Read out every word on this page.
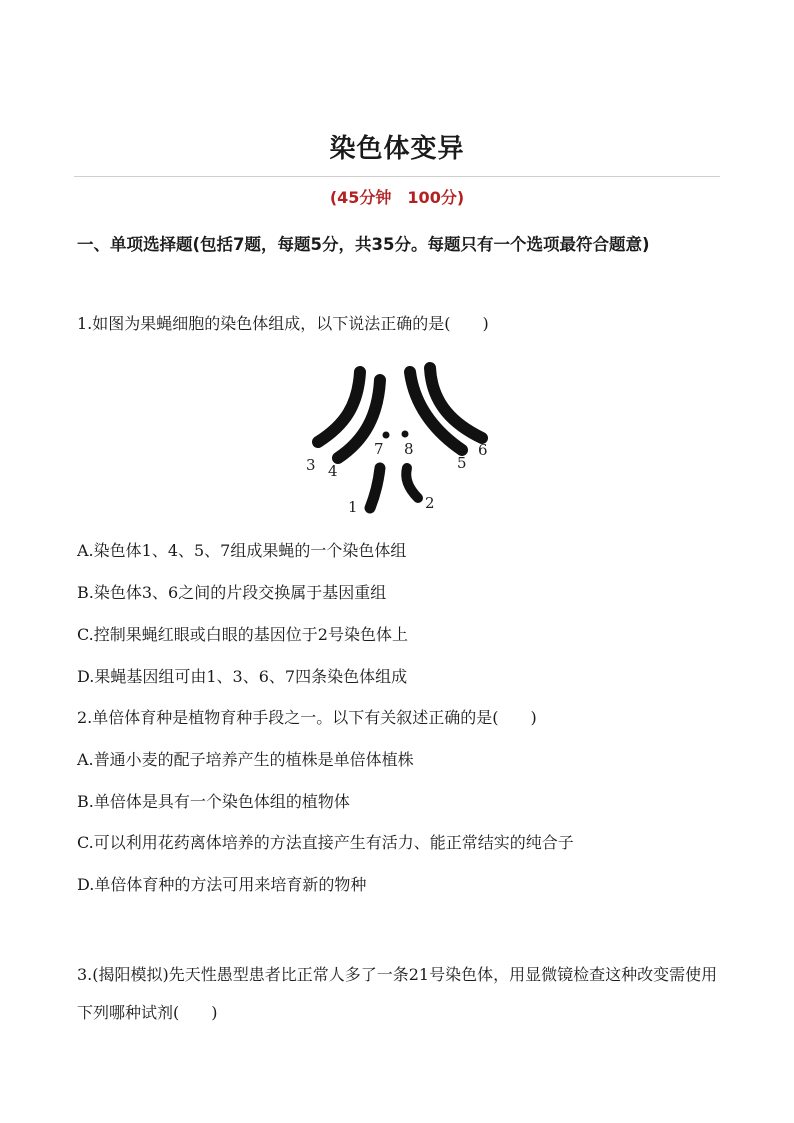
染色体变异
(45分钟　100分)
一、单项选择题(包括7题，每题5分，共35分。每题只有一个选项最符合题意)
1.如图为果蝇细胞的染色体组成，以下说法正确的是(　　)
1	2
3 4	5
6
7 8
A.染色体1、4、5、7组成果蝇的一个染色体组
B.染色体3、6之间的片段交换属于基因重组
C.控制果蝇红眼或白眼的基因位于2号染色体上
D.果蝇基因组可由1、3、6、7四条染色体组成
2.单倍体育种是植物育种手段之一。以下有关叙述正确的是(　　)
A.普通小麦的配子培养产生的植株是单倍体植株
B.单倍体是具有一个染色体组的植物体
C.可以利用花药离体培养的方法直接产生有活力、能正常结实的纯合子
D.单倍体育种的方法可用来培育新的物种
3.(揭阳模拟)先天性愚型患者比正常人多了一条21号染色体，用显微镜检查这种改变需使用下列哪种试剂(　　)
